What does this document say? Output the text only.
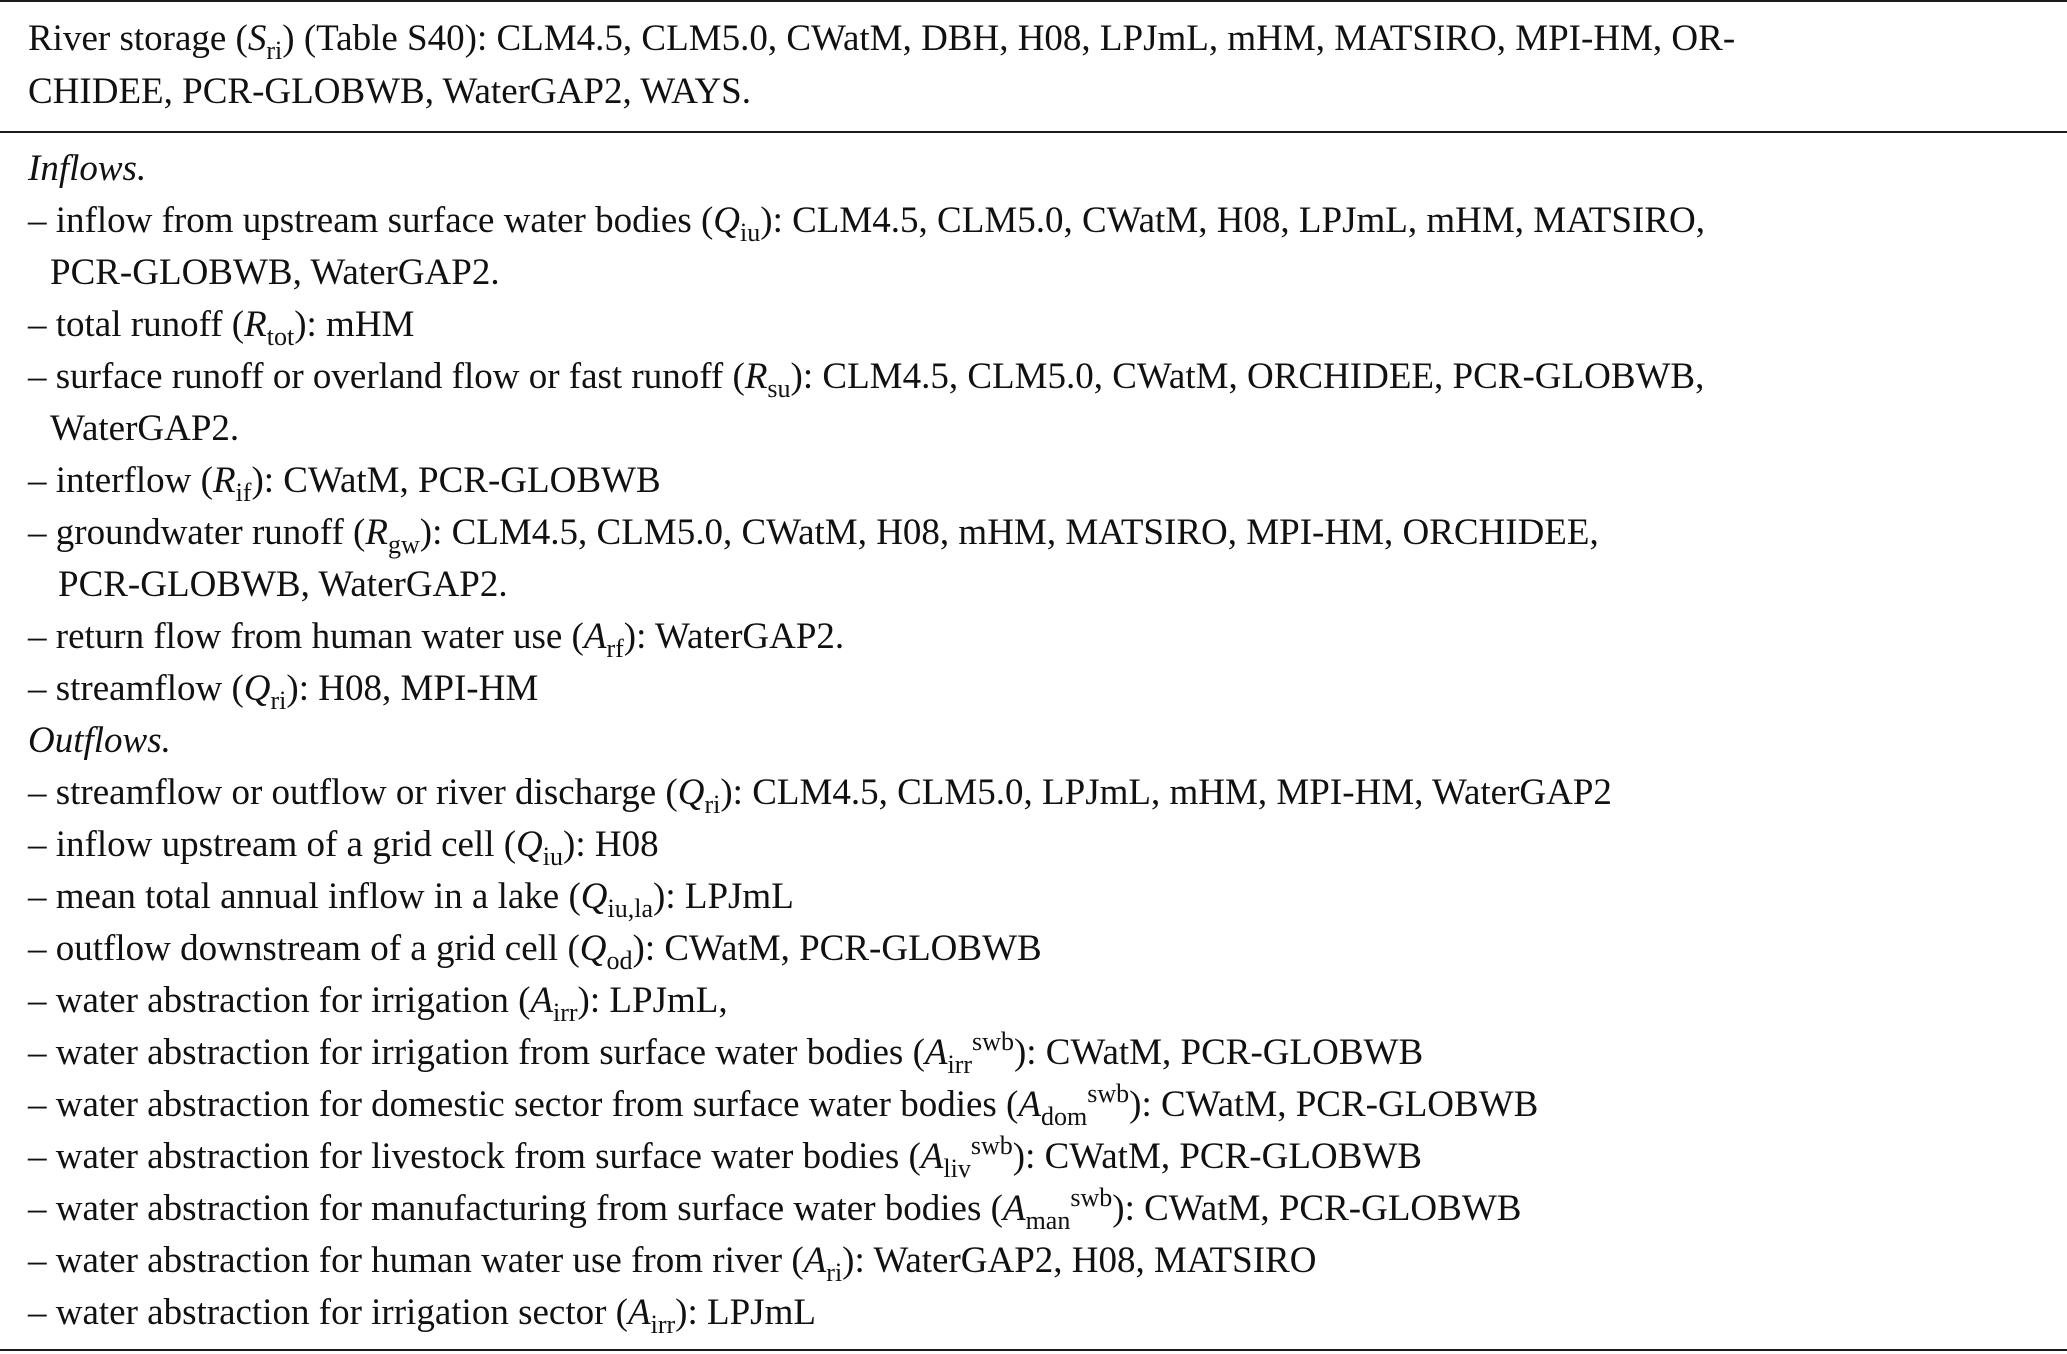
River storage $(S_{ri})$ (Table S40): CLM4.5, CLM5.0, CWatM, DBH, H08, LPJmL, mHM, MATSIRO, MPI-HM, OR-
CHIDEE, PCR-GLOBWB, WaterGAP2, WAYS.
Inflows.
– inflow from upstream surface water bodies $(Q_{iu})$: CLM4.5, CLM5.0, CWatM, H08, LPJmL, mHM, MATSIRO,
PCR-GLOBWB, WaterGAP2.
– total runoff $(R_{tot})$: mHM
– surface runoff or overland flow or fast runoff $(R_{su})$: CLM4.5, CLM5.0, CWatM, ORCHIDEE, PCR-GLOBWB,
WaterGAP2.
– interflow $(R_{if})$: CWatM, PCR-GLOBWB
– groundwater runoff $(R_{gw})$: CLM4.5, CLM5.0, CWatM, H08, mHM, MATSIRO, MPI-HM, ORCHIDEE,
PCR-GLOBWB, WaterGAP2.
– return flow from human water use $(A_{rf})$: WaterGAP2.
– streamflow $(Q_{ri})$: H08, MPI-HM
Outflows.
– streamflow or outflow or river discharge $(Q_{ri})$: CLM4.5, CLM5.0, LPJmL, mHM, MPI-HM, WaterGAP2
– inflow upstream of a grid cell $(Q_{iu})$: H08
– mean total annual inflow in a lake $(Q_{iu,la})$: LPJmL
– outflow downstream of a grid cell $(Q_{od})$: CWatM, PCR-GLOBWB
– water abstraction for irrigation $(A_{irr})$: LPJmL,
– water abstraction for irrigation from surface water bodies $(A_{irr}^{swb})$: CWatM, PCR-GLOBWB
– water abstraction for domestic sector from surface water bodies $(A_{dom}^{swb})$: CWatM, PCR-GLOBWB
– water abstraction for livestock from surface water bodies $(A_{liv}^{swb})$: CWatM, PCR-GLOBWB
– water abstraction for manufacturing from surface water bodies $(A_{man}^{swb})$: CWatM, PCR-GLOBWB
– water abstraction for human water use from river $(A_{ri})$: WaterGAP2, H08, MATSIRO
– water abstraction for irrigation sector $(A_{irr})$: LPJmL
